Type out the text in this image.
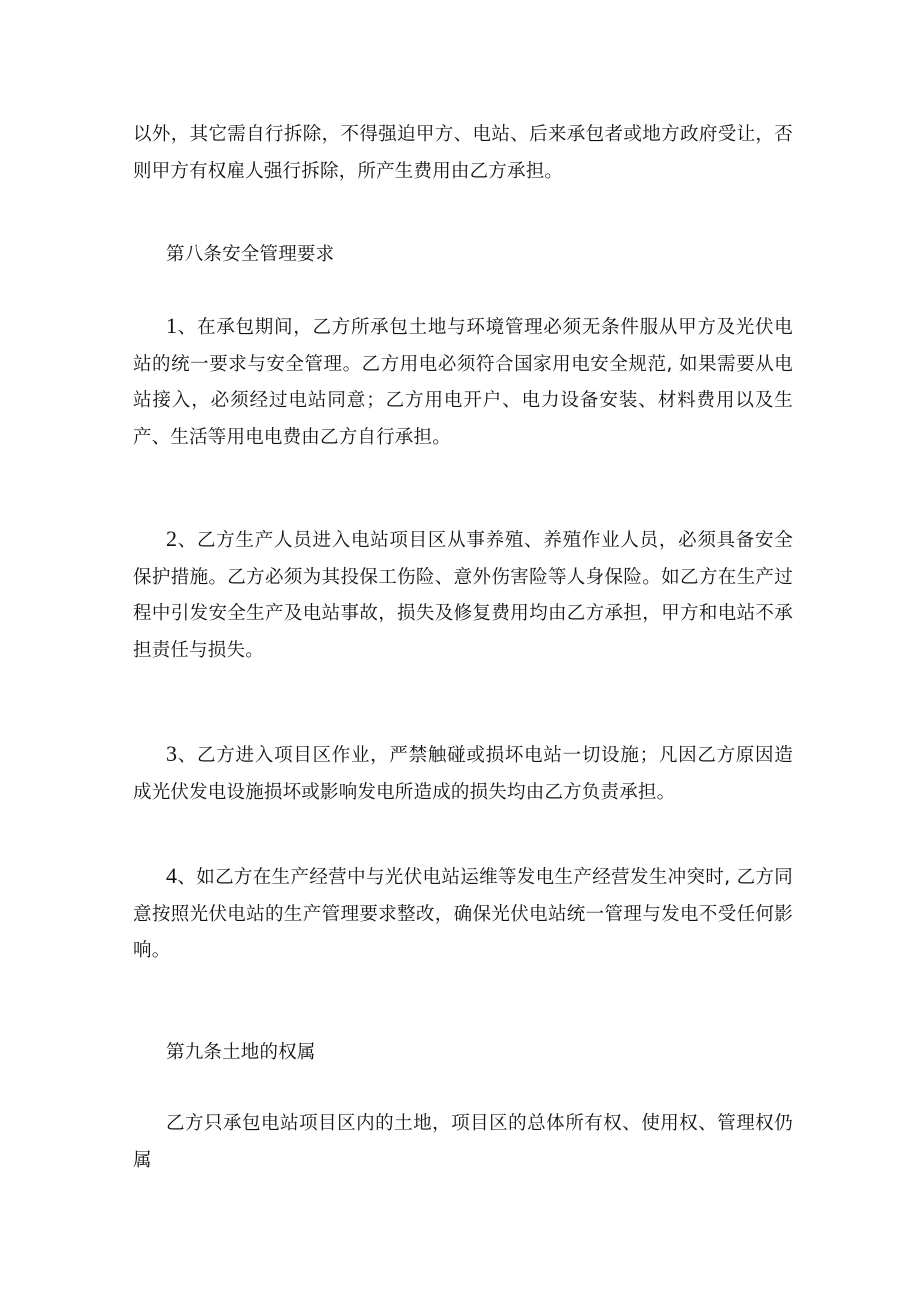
以外，其它需自行拆除，不得强迫甲方、电站、后来承包者或地方政府受让，否则甲方有权雇人强行拆除，所产生费用由乙方承担。

第八条安全管理要求

1、在承包期间，乙方所承包土地与环境管理必须无条件服从甲方及光伏电站的统一要求与安全管理。乙方用电必须符合国家用电安全规范, 如果需要从电站接入，必须经过电站同意；乙方用电开户、电力设备安装、材料费用以及生产、生活等用电电费由乙方自行承担。

2、乙方生产人员进入电站项目区从事养殖、养殖作业人员，必须具备安全保护措施。乙方必须为其投保工伤险、意外伤害险等人身保险。如乙方在生产过程中引发安全生产及电站事故，损失及修复费用均由乙方承担，甲方和电站不承担责任与损失。

3、乙方进入项目区作业，严禁触碰或损坏电站一切设施；凡因乙方原因造成光伏发电设施损坏或影响发电所造成的损失均由乙方负责承担。

4、如乙方在生产经营中与光伏电站运维等发电生产经营发生冲突时, 乙方同意按照光伏电站的生产管理要求整改，确保光伏电站统一管理与发电不受任何影响。

第九条土地的权属

乙方只承包电站项目区内的土地，项目区的总体所有权、使用权、管理权仍属
